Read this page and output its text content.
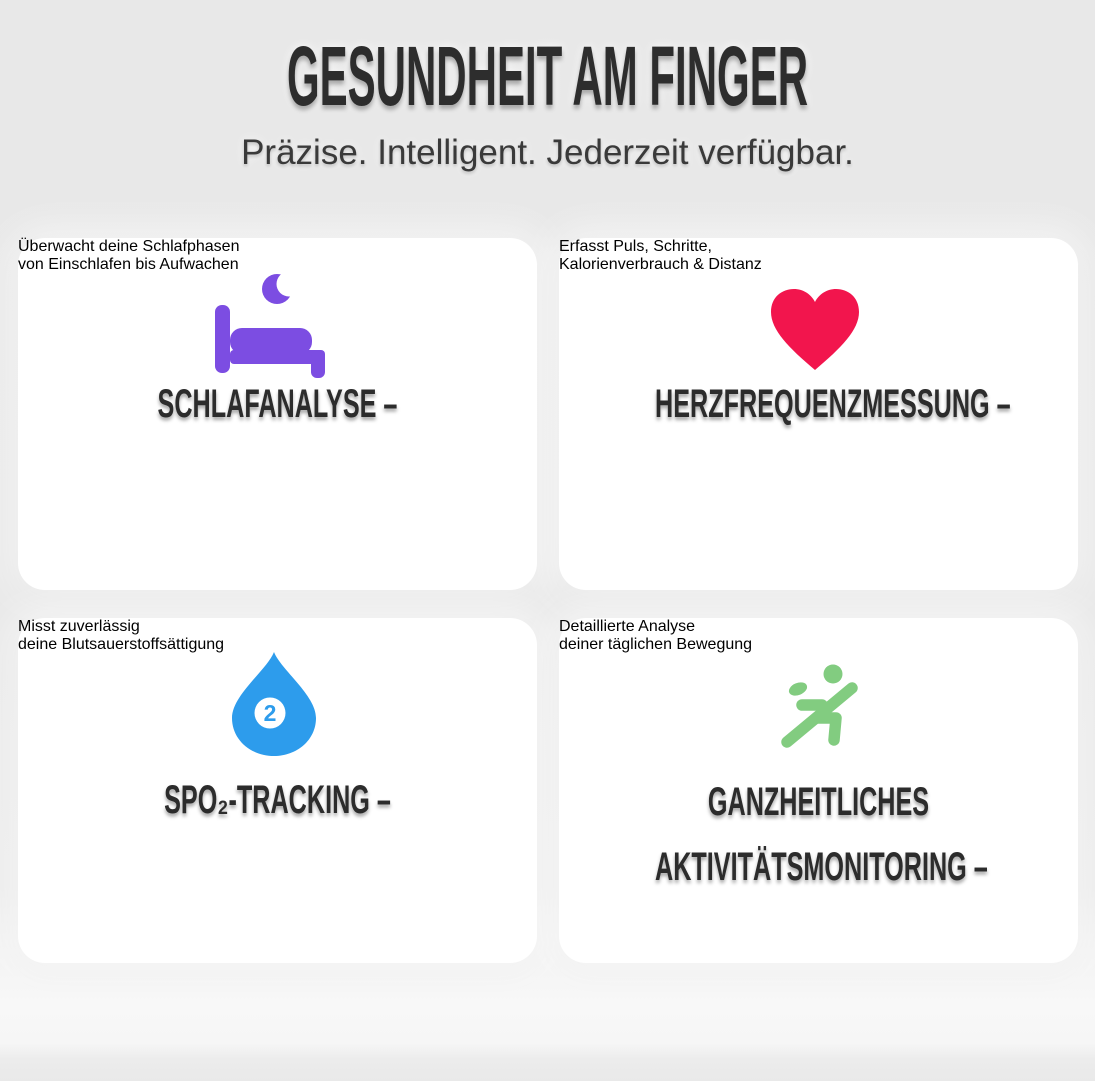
GESUNDHEIT AM FINGER

Präzise. Intelligent. Jederzeit verfügbar.

SCHLAFANALYSE –

Überwacht deine Schlafphasen
von Einschlafen bis Aufwachen

HERZFREQUENZMESSUNG –

Erfasst Puls, Schritte,
Kalorienverbrauch & Distanz

2
SPO₂-TRACKING –

Misst zuverlässig
deine Blutsauerstoffsättigung

GANZHEITLICHES
AKTIVITÄTSMONITORING –

Detaillierte Analyse
deiner täglichen Bewegung
